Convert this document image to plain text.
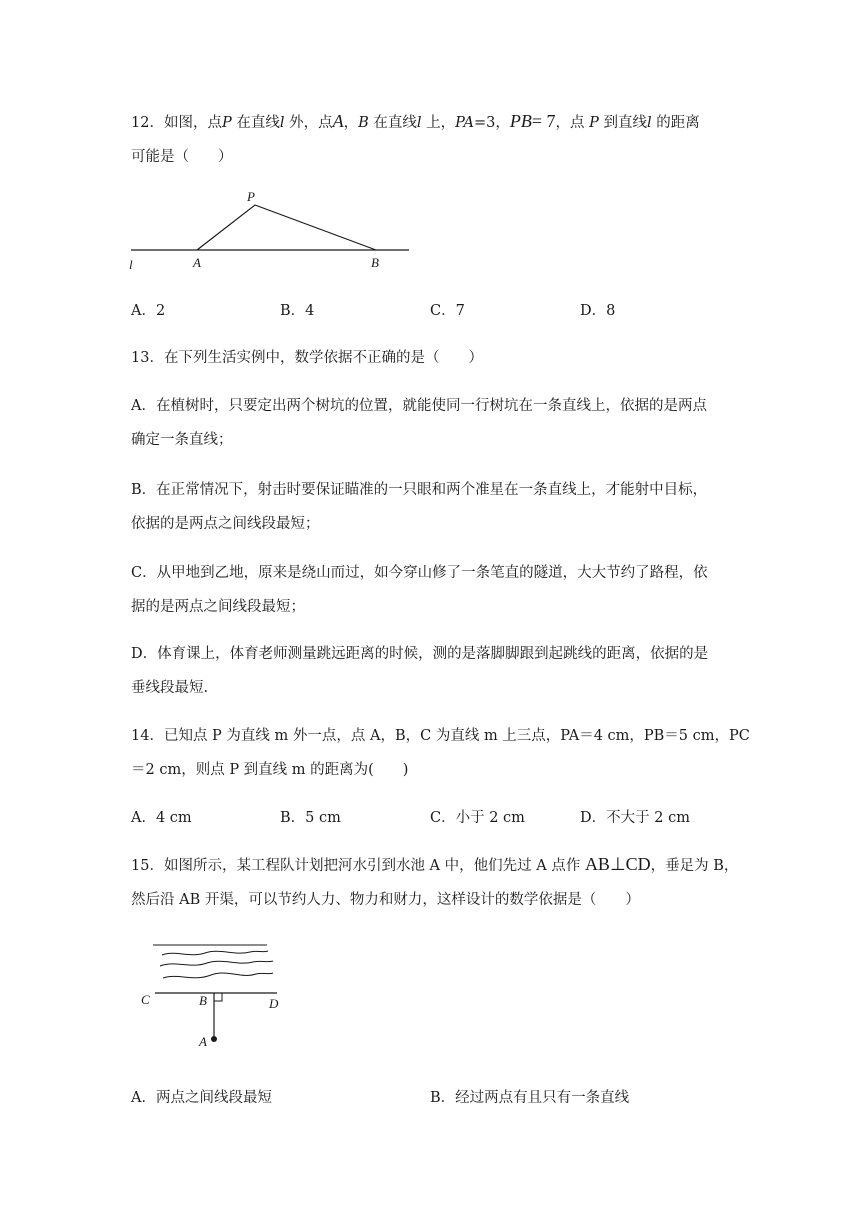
12．如图，点P 在直线l 外，点A，B 在直线l 上，PA=3，PB= 7，点 P 到直线l 的距离
可能是（　　）
P
A	B
l
A．2	B．4	C．7	D．8
13．在下列生活实例中，数学依据不正确的是（　　）
A．在植树时，只要定出两个树坑的位置，就能使同一行树坑在一条直线上，依据的是两点
确定一条直线；
B．在正常情况下，射击时要保证瞄准的一只眼和两个准星在一条直线上，才能射中目标，
依据的是两点之间线段最短；
C．从甲地到乙地，原来是绕山而过，如今穿山修了一条笔直的隧道，大大节约了路程，依
据的是两点之间线段最短；
D．体育课上，体育老师测量跳远距离的时候，测的是落脚脚跟到起跳线的距离，依据的是
垂线段最短.
14．已知点 P 为直线 m 外一点，点 A，B，C 为直线 m 上三点，PA＝4 cm，PB＝5 cm，PC
＝2 cm，则点 P 到直线 m 的距离为(　　)
A．4 cm	B．5 cm	C．小于 2 cm	D．不大于 2 cm
15．如图所示，某工程队计划把河水引到水池 A 中，他们先过 A 点作 AB⊥CD，垂足为 B，
然后沿 AB 开渠，可以节约人力、物力和财力，这样设计的数学依据是（　　）
C	B	D
A
A．两点之间线段最短	B．经过两点有且只有一条直线
